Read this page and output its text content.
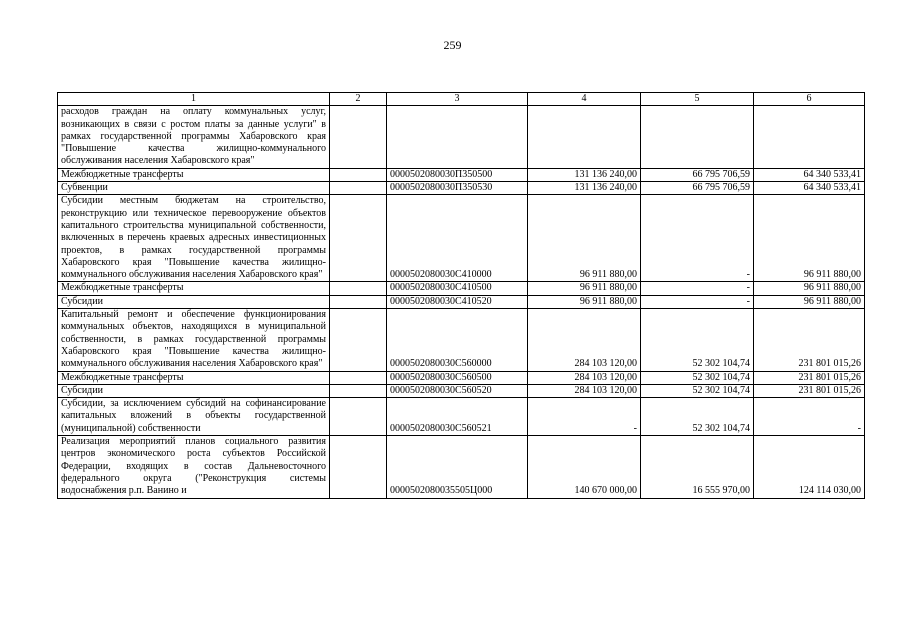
259
1	2	3	4	5	6
расходов граждан на оплату коммунальных услуг, возникающих в связи с ростом платы за данные услуги" в рамках государственной программы Хабаровского края "Повышение качества жилищно-коммунального обслуживания населения Хабаровского края"					
Межбюджетные трансферты		0000502080030П350500	131 136 240,00	66 795 706,59	64 340 533,41
Субвенции		0000502080030П350530	131 136 240,00	66 795 706,59	64 340 533,41
Субсидии местным бюджетам на строительство, реконструкцию или техническое перевооружение объектов капитального строительства муниципальной собственности, включенных в перечень краевых адресных инвестиционных проектов, в рамках государственной программы Хабаровского края "Повышение качества жилищно-коммунального обслуживания населения Хабаровского края"		0000502080030С410000	96 911 880,00	-	96 911 880,00
Межбюджетные трансферты		0000502080030С410500	96 911 880,00	-	96 911 880,00
Субсидии		0000502080030С410520	96 911 880,00	-	96 911 880,00
Капитальный ремонт и обеспечение функционирования коммунальных объектов, находящихся в муниципальной собственности, в рамках государственной программы Хабаровского края "Повышение качества жилищно-коммунального обслуживания населения Хабаровского края"		0000502080030С560000	284 103 120,00	52 302 104,74	231 801 015,26
Межбюджетные трансферты		0000502080030С560500	284 103 120,00	52 302 104,74	231 801 015,26
Субсидии		0000502080030С560520	284 103 120,00	52 302 104,74	231 801 015,26
Субсидии, за исключением субсидий на софинансирование капитальных вложений в объекты государственной (муниципальной) собственности		0000502080030С560521	-	52 302 104,74	-
Реализация мероприятий планов социального развития центров экономического роста субъектов Российской Федерации, входящих в состав Дальневосточного федерального округа ("Реконструкция системы водоснабжения р.п. Ванино и		0000502080035505Ц000	140 670 000,00	16 555 970,00	124 114 030,00
